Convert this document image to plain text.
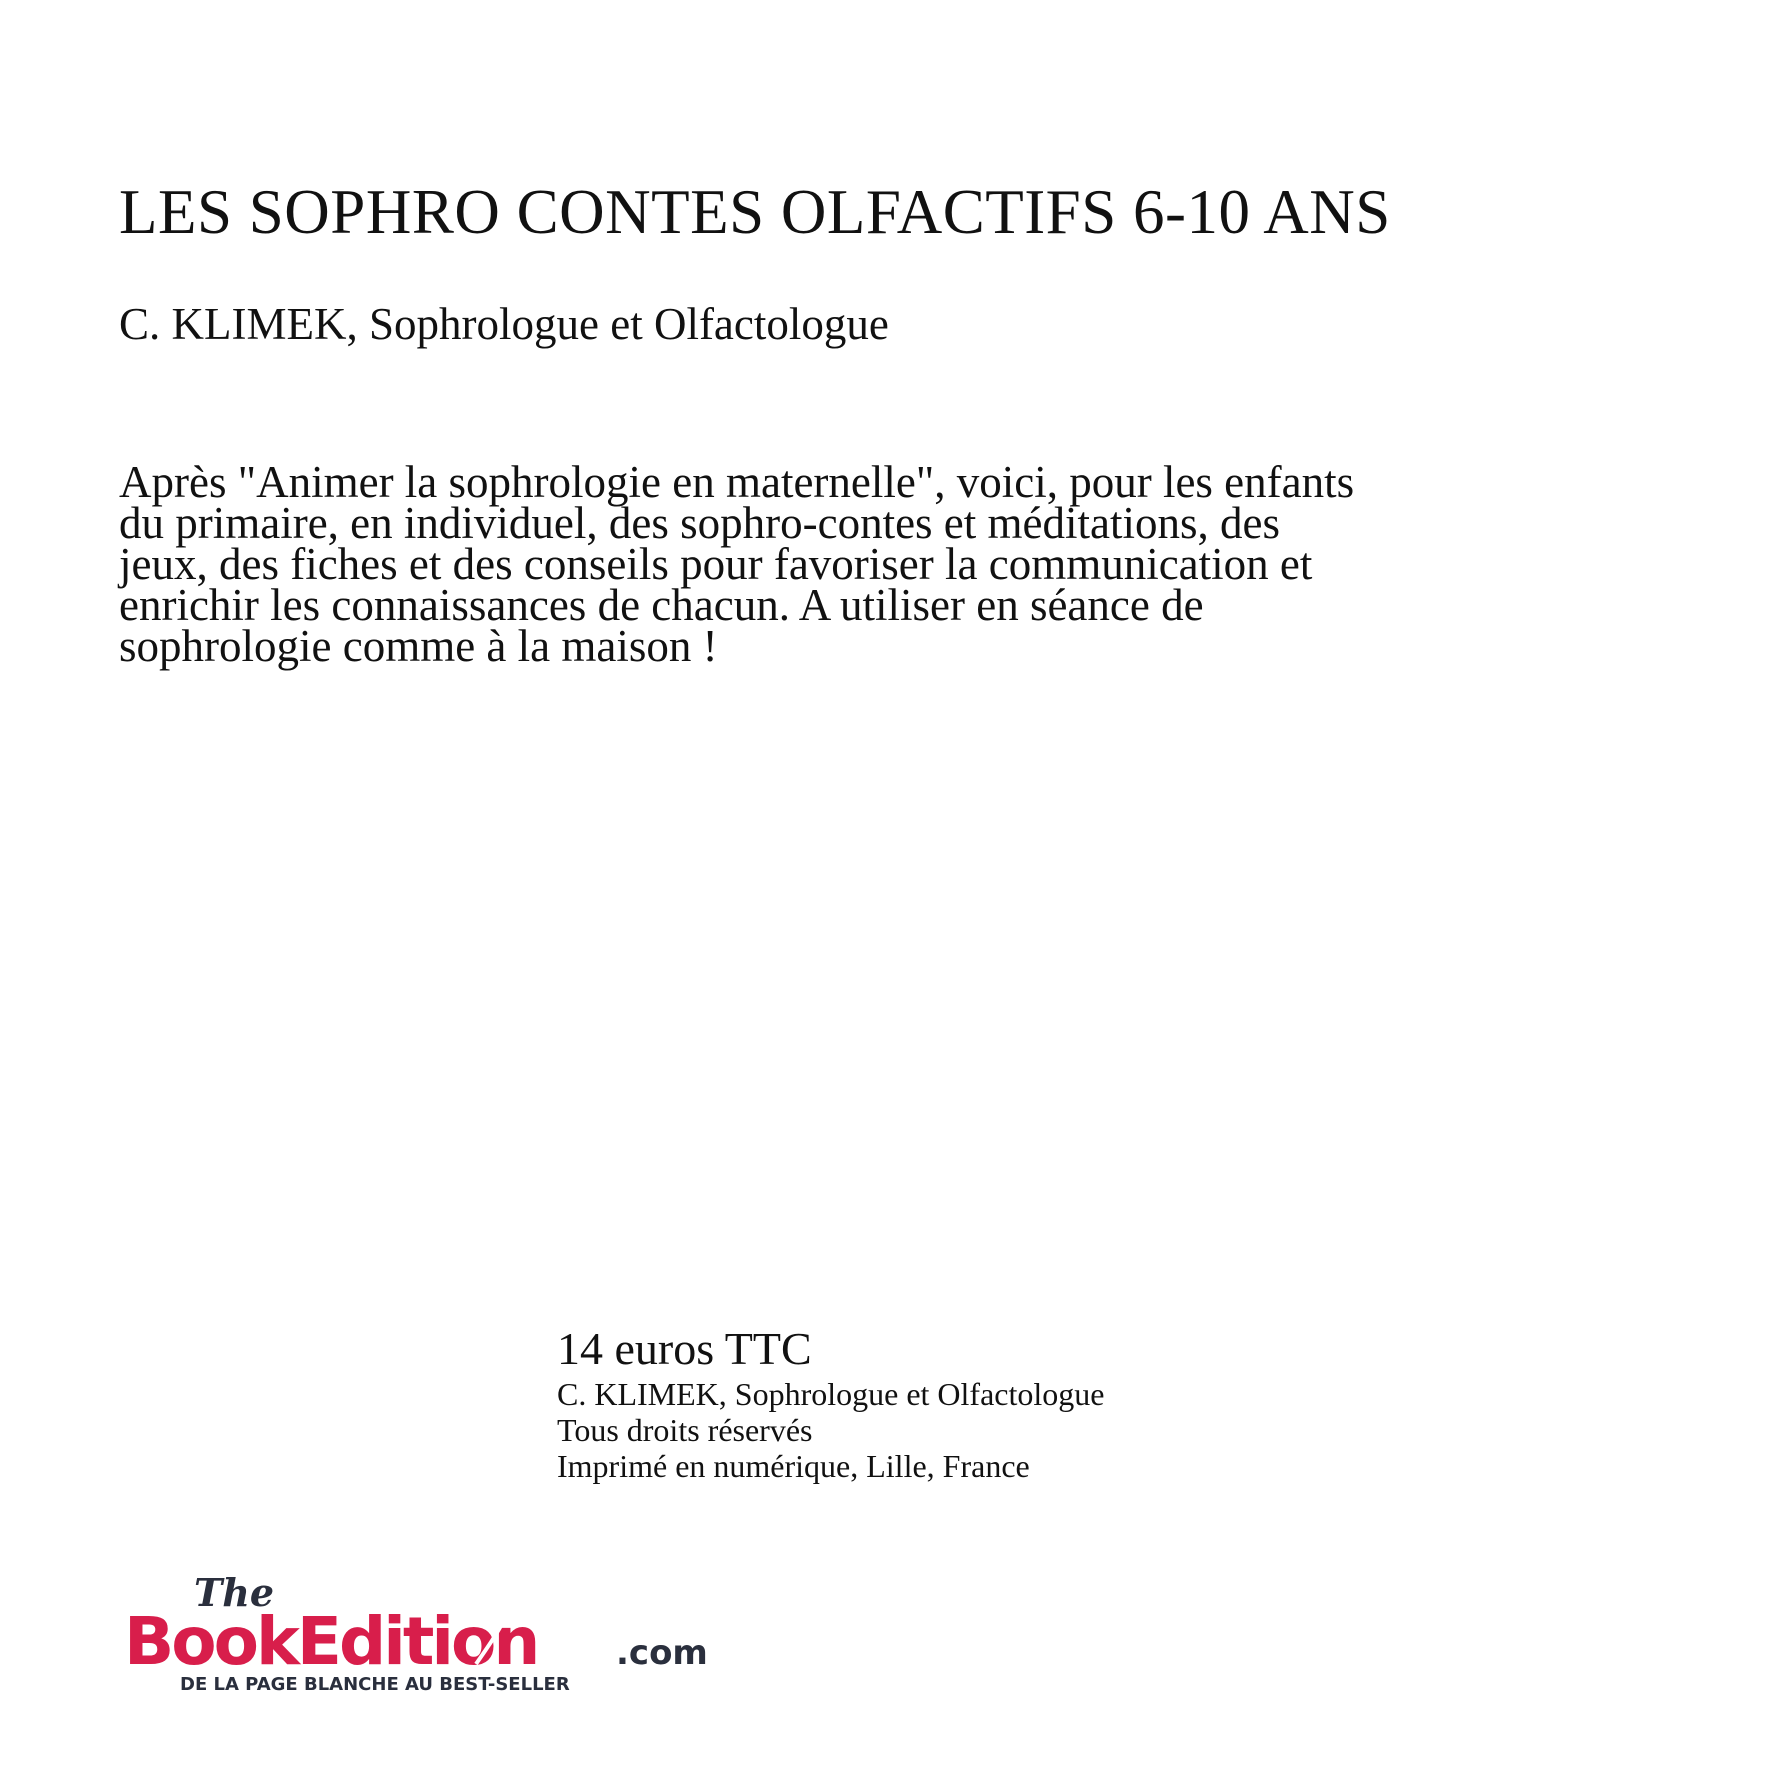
LES SOPHRO CONTES OLFACTIFS 6-10 ANS

C. KLIMEK, Sophrologue et Olfactologue

Après "Animer la sophrologie en maternelle", voici, pour les enfants du primaire, en individuel, des sophro-contes et méditations, des jeux, des fiches et des conseils pour favoriser la communication et enrichir les connaissances de chacun. A utiliser en séance de sophrologie comme à la maison !

14 euros TTC
C. KLIMEK, Sophrologue et Olfactologue
Tous droits réservés
Imprimé en numérique, Lille, France
The
BookEdition .com
DE LA PAGE BLANCHE AU BEST-SELLER
